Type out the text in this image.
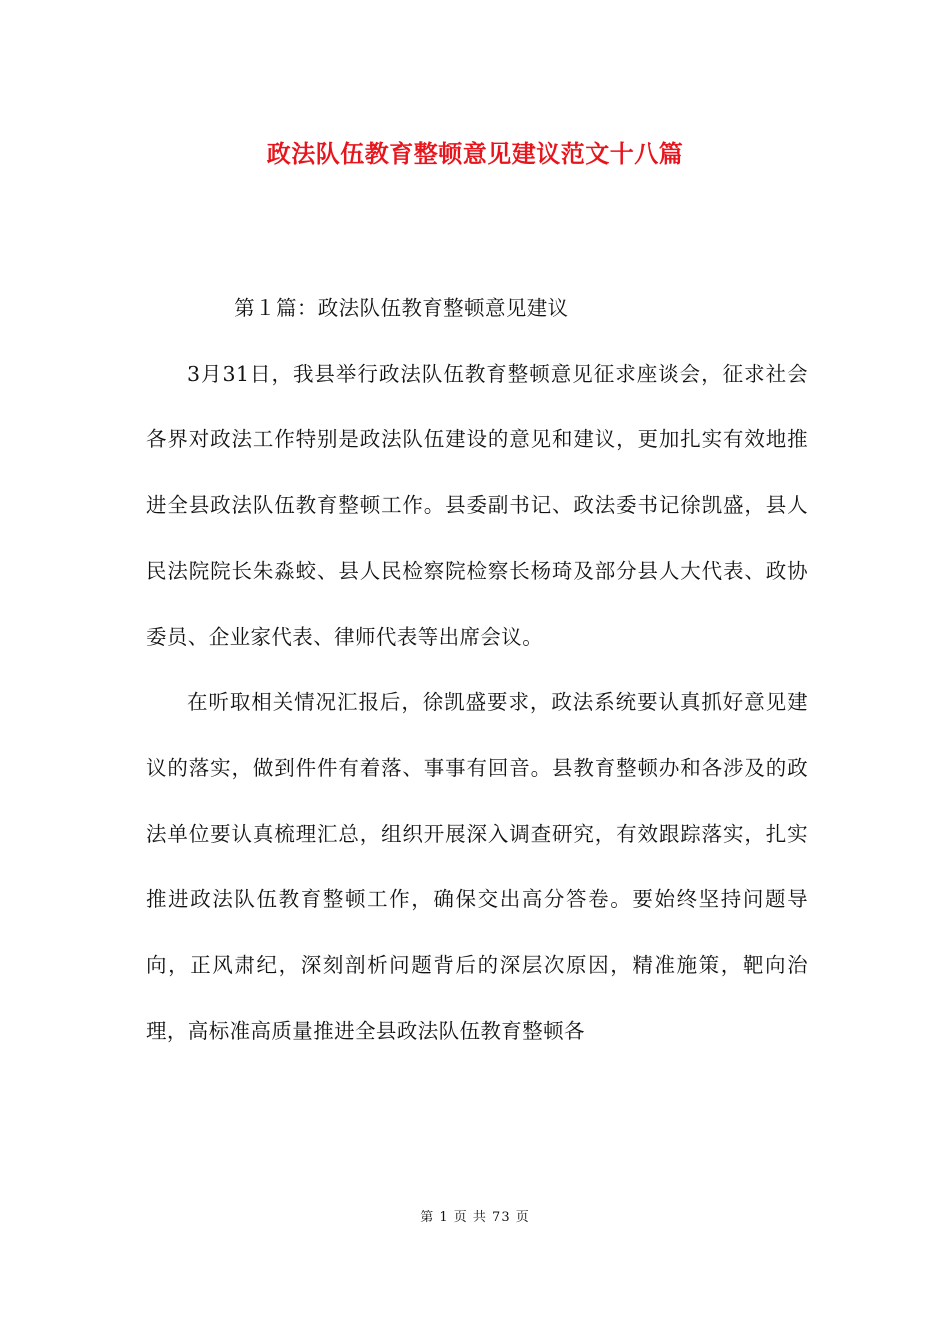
政法队伍教育整顿意见建议范文十八篇

第１篇：政法队伍教育整顿意见建议

3月31日，我县举行政法队伍教育整顿意见征求座谈会，征求社会各界对政法工作特别是政法队伍建设的意见和建议，更加扎实有效地推进全县政法队伍教育整顿工作。县委副书记、政法委书记徐凯盛，县人民法院院长朱淼蛟、县人民检察院检察长杨琦及部分县人大代表、政协委员、企业家代表、律师代表等出席会议。

在听取相关情况汇报后，徐凯盛要求，政法系统要认真抓好意见建议的落实，做到件件有着落、事事有回音。县教育整顿办和各涉及的政法单位要认真梳理汇总，组织开展深入调查研究，有效跟踪落实，扎实推进政法队伍教育整顿工作，确保交出高分答卷。要始终坚持问题导向，正风肃纪，深刻剖析问题背后的深层次原因，精准施策，靶向治理，高标准高质量推进全县政法队伍教育整顿各

第 1 页 共 73 页
